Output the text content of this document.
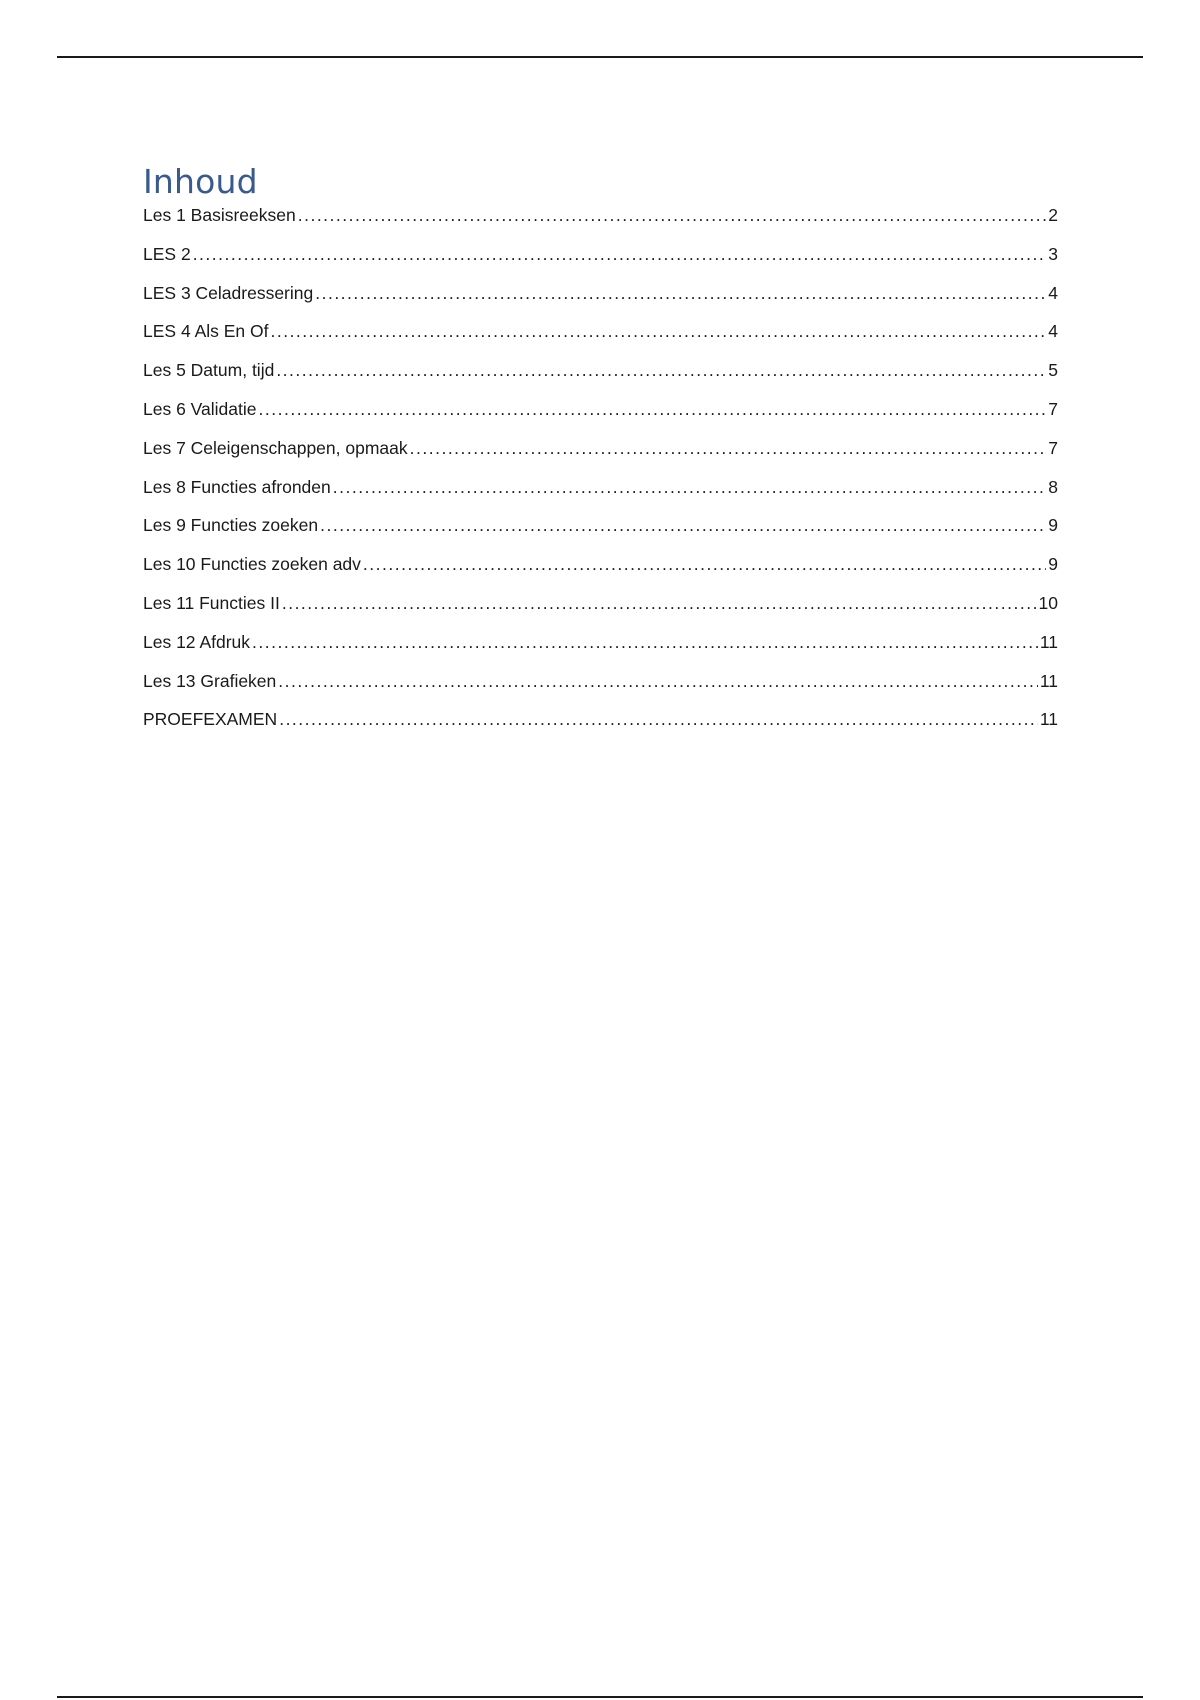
Inhoud
Les 1 Basisreeksen .....	2
LES 2 .....	3
LES 3 Celadressering .....	4
LES 4 Als En Of .....	4
Les 5 Datum, tijd .....	5
Les 6 Validatie .....	7
Les 7 Celeigenschappen, opmaak .....	7
Les 8 Functies afronden .....	8
Les 9 Functies zoeken .....	9
Les 10 Functies zoeken adv .....	9
Les 11 Functies II .....	10
Les 12 Afdruk .....	11
Les 13 Grafieken .....	11
PROEFEXAMEN .....	11
